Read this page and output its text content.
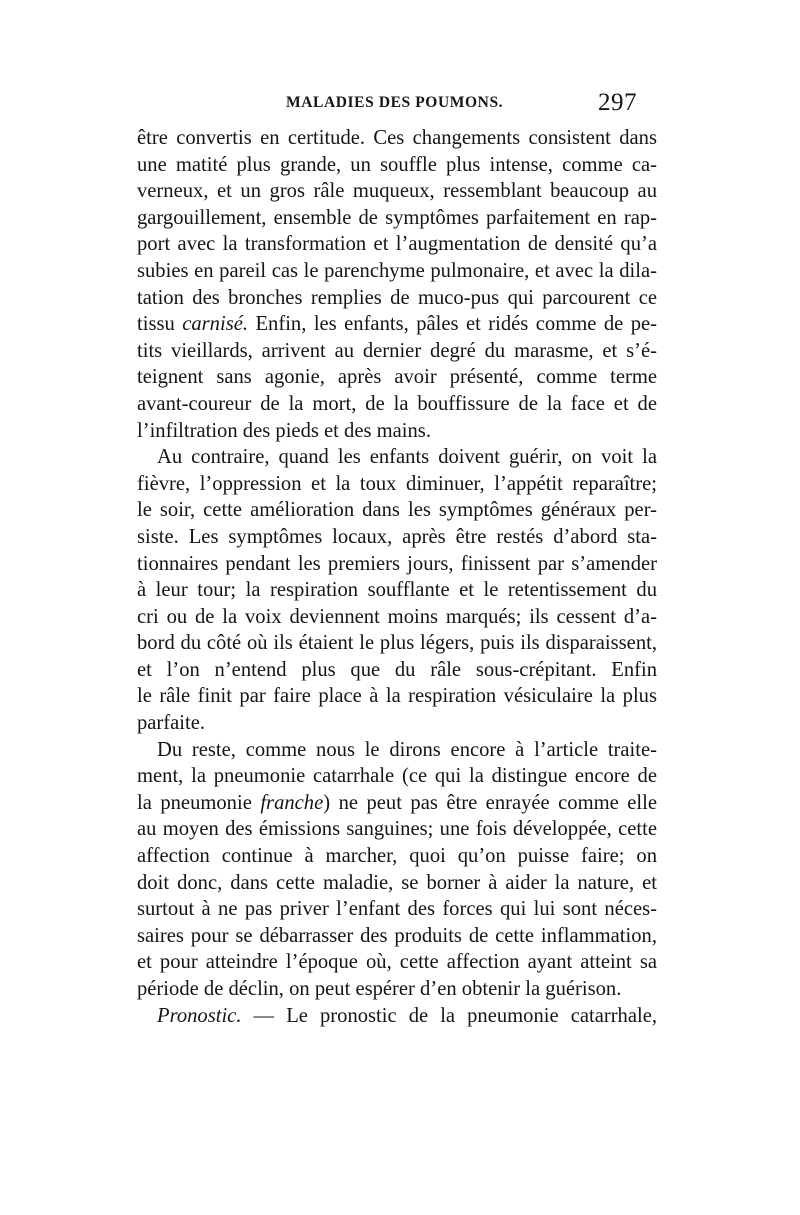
MALADIES DES POUMONS.	297
être convertis en certitude. Ces changements consistent dans
une matité plus grande, un souffle plus intense, comme ca-
verneux, et un gros râle muqueux, ressemblant beaucoup au
gargouillement, ensemble de symptômes parfaitement en rap-
port avec la transformation et l’augmentation de densité qu’a
subies en pareil cas le parenchyme pulmonaire, et avec la dila-
tation des bronches remplies de muco-pus qui parcourent ce
tissu carnisé. Enfin, les enfants, pâles et ridés comme de pe-
tits vieillards, arrivent au dernier degré du marasme, et s’é-
teignent sans agonie, après avoir présenté, comme terme
avant-coureur de la mort, de la bouffissure de la face et de
l’infiltration des pieds et des mains.
Au contraire, quand les enfants doivent guérir, on voit la
fièvre, l’oppression et la toux diminuer, l’appétit reparaître;
le soir, cette amélioration dans les symptômes généraux per-
siste. Les symptômes locaux, après être restés d’abord sta-
tionnaires pendant les premiers jours, finissent par s’amender
à leur tour; la respiration soufflante et le retentissement du
cri ou de la voix deviennent moins marqués; ils cessent d’a-
bord du côté où ils étaient le plus légers, puis ils disparaissent,
et l’on n’entend plus que du râle sous-crépitant. Enfin
le râle finit par faire place à la respiration vésiculaire la plus
parfaite.
Du reste, comme nous le dirons encore à l’article traite-
ment, la pneumonie catarrhale (ce qui la distingue encore de
la pneumonie franche) ne peut pas être enrayée comme elle
au moyen des émissions sanguines; une fois développée, cette
affection continue à marcher, quoi qu’on puisse faire; on
doit donc, dans cette maladie, se borner à aider la nature, et
surtout à ne pas priver l’enfant des forces qui lui sont néces-
saires pour se débarrasser des produits de cette inflammation,
et pour atteindre l’époque où, cette affection ayant atteint sa
période de déclin, on peut espérer d’en obtenir la guérison.
Pronostic. — Le pronostic de la pneumonie catarrhale,
